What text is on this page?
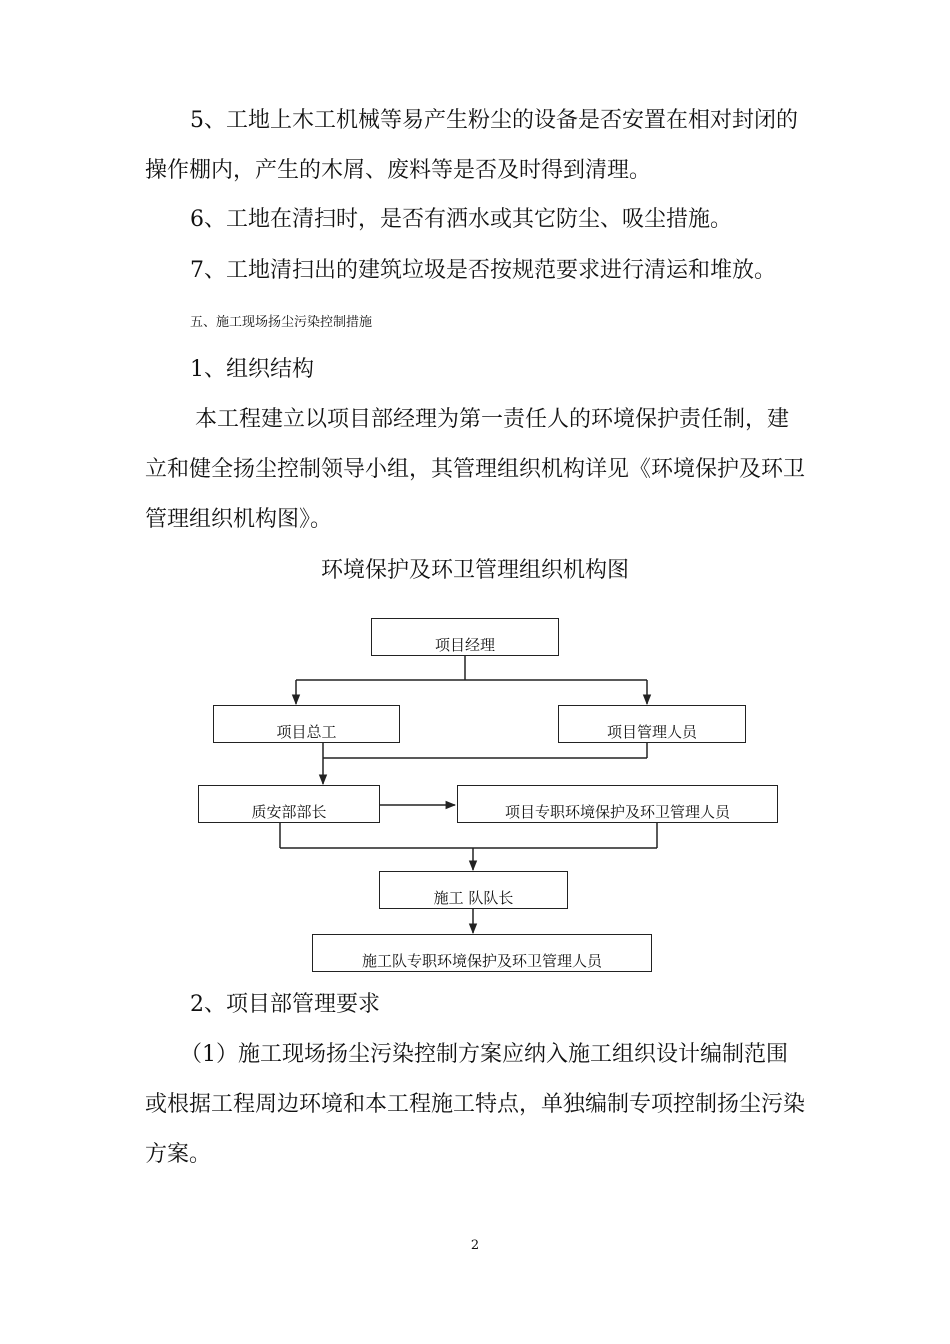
5、工地上木工机械等易产生粉尘的设备是否安置在相对封闭的
操作棚内，产生的木屑、废料等是否及时得到清理。
6、工地在清扫时，是否有洒水或其它防尘、吸尘措施。
7、工地清扫出的建筑垃圾是否按规范要求进行清运和堆放。
五、施工现场扬尘污染控制措施
1、组织结构
本工程建立以项目部经理为第一责任人的环境保护责任制，建
立和健全扬尘控制领导小组，其管理组织机构详见《环境保护及环卫
管理组织机构图》。
环境保护及环卫管理组织机构图
项目经理
项目总工	项目管理人员
质安部部长	项目专职环境保护及环卫管理人员
施工 队队长
施工队专职环境保护及环卫管理人员
2、项目部管理要求
（1）施工现场扬尘污染控制方案应纳入施工组织设计编制范围
或根据工程周边环境和本工程施工特点，单独编制专项控制扬尘污染
方案。
2
